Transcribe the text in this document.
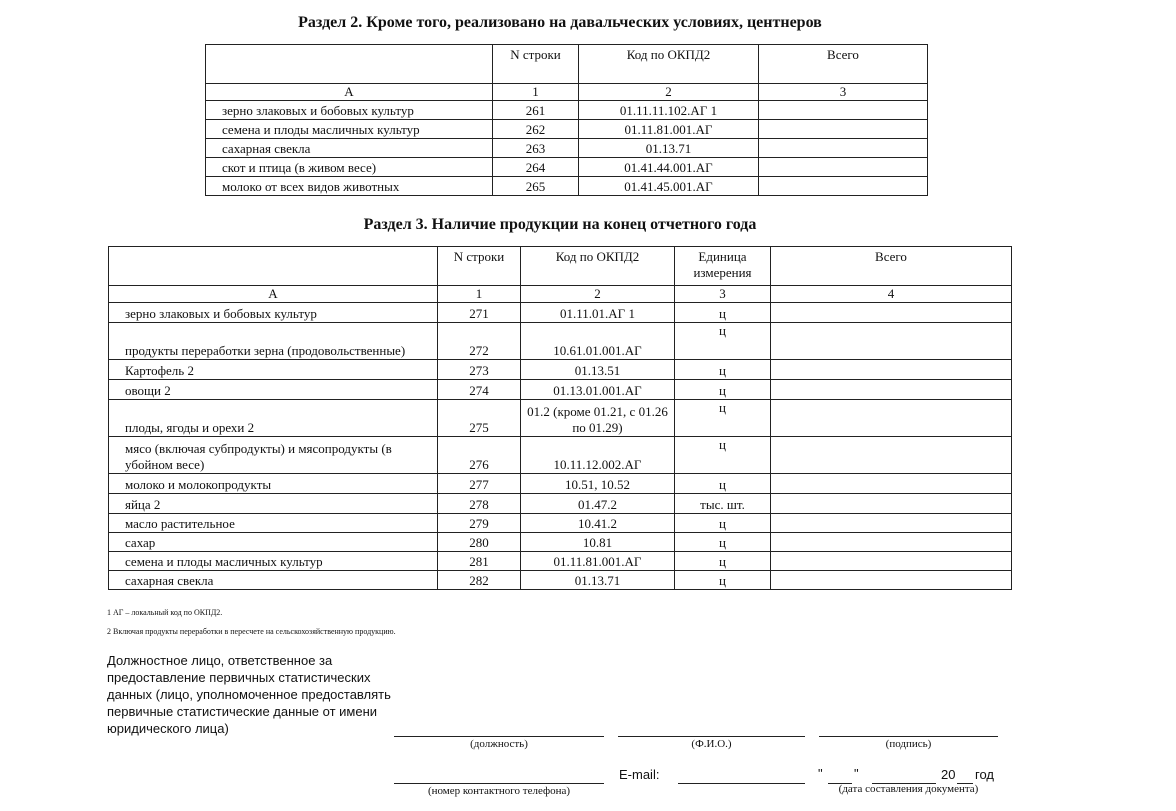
Раздел 2. Кроме того, реализовано на давальческих условиях, центнеров
	N строки	Код по ОКПД2	Всего
А	1	2	3
зерно злаковых и бобовых культур	261	01.11.11.102.АГ 1	
семена и плоды масличных культур	262	01.11.81.001.АГ	
сахарная свекла	263	01.13.71	
скот и птица (в живом весе)	264	01.41.44.001.АГ	
молоко от всех видов животных	265	01.41.45.001.АГ	
Раздел 3. Наличие продукции на конец отчетного года
	N строки	Код по ОКПД2	Единица измерения	Всего
А	1	2	3	4
зерно злаковых и бобовых культур	271	01.11.01.АГ 1	ц	
продукты переработки зерна (продовольственные)	272	10.61.01.001.АГ	ц	
Картофель 2	273	01.13.51	ц	
овощи 2	274	01.13.01.001.АГ	ц	
плоды, ягоды и орехи 2	275	01.2 (кроме 01.21, с 01.26 по 01.29)	ц	
мясо (включая субпродукты) и мясопродукты (в убойном весе)	276	10.11.12.002.АГ	ц	
молоко и молокопродукты	277	10.51, 10.52	ц	
яйца 2	278	01.47.2	тыс. шт.	
масло растительное	279	10.41.2	ц	
сахар	280	10.81	ц	
семена и плоды масличных культур	281	01.11.81.001.АГ	ц	
сахарная свекла	282	01.13.71	ц	
1 АГ – локальный код по ОКПД2.
2 Включая продукты переработки в пересчете на сельскохозяйственную продукцию.
Должностное лицо, ответственное за предоставление первичных статистических данных (лицо, уполномоченное предоставлять первичные статистические данные от имени юридического лица)
(должность)	(Ф.И.О.)	(подпись)
(номер контактного телефона)
E-mail:	" "	20 год
(дата составления документа)
